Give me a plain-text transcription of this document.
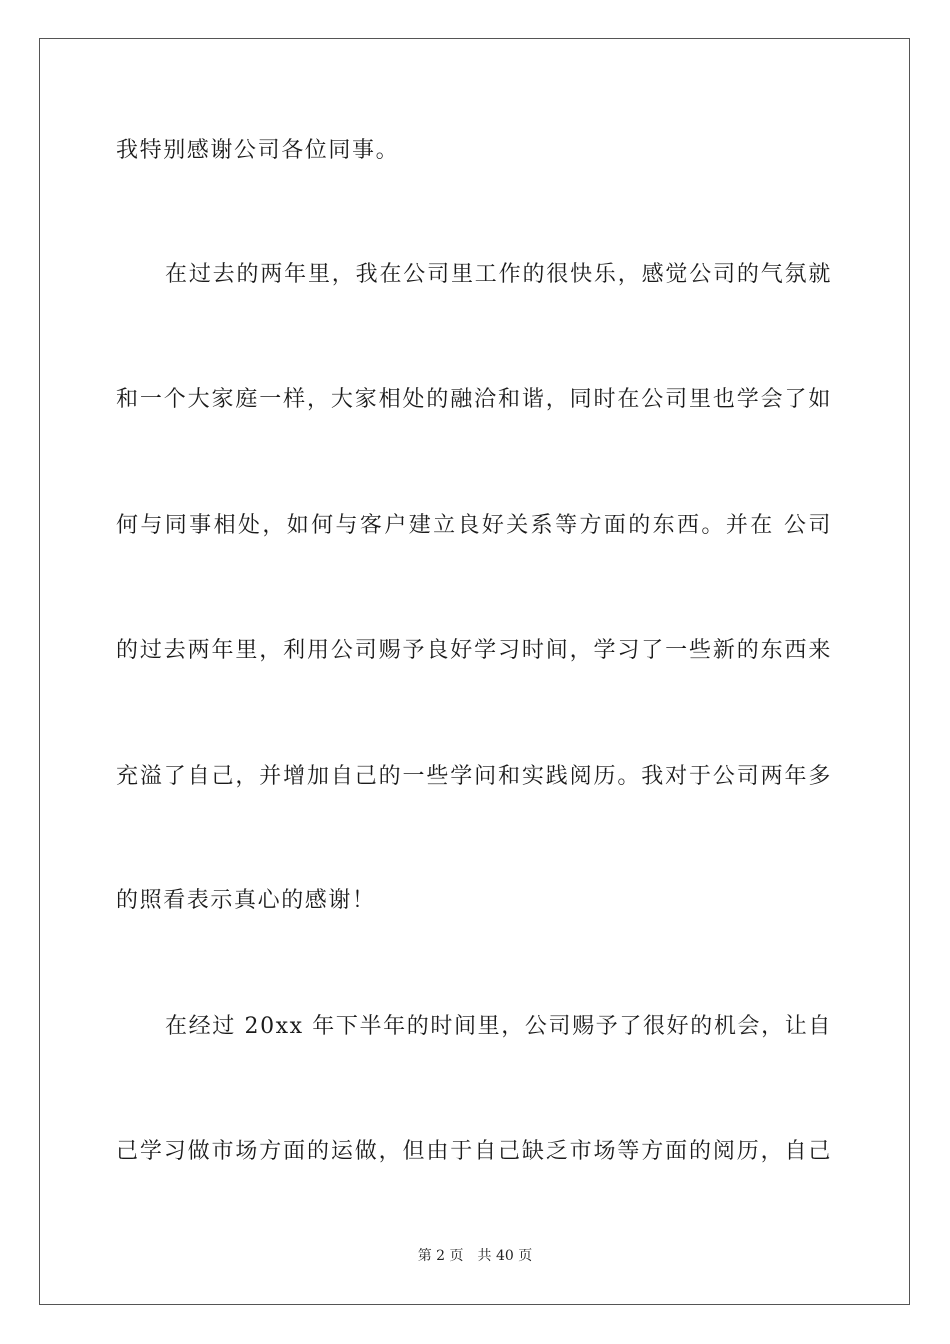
我特别感谢公司各位同事。
在过去的两年里，我在公司里工作的很快乐，感觉公司的气氛就
和一个大家庭一样，大家相处的融洽和谐，同时在公司里也学会了如
何与同事相处，如何与客户建立良好关系等方面的东西。并在 公司
的过去两年里，利用公司赐予良好学习时间，学习了一些新的东西来
充溢了自己，并增加自己的一些学问和实践阅历。我对于公司两年多
的照看表示真心的感谢！
在经过 20xx 年下半年的时间里，公司赐予了很好的机会，让自
己学习做市场方面的运做，但由于自己缺乏市场等方面的阅历，自己
第 2 页 共 40 页
